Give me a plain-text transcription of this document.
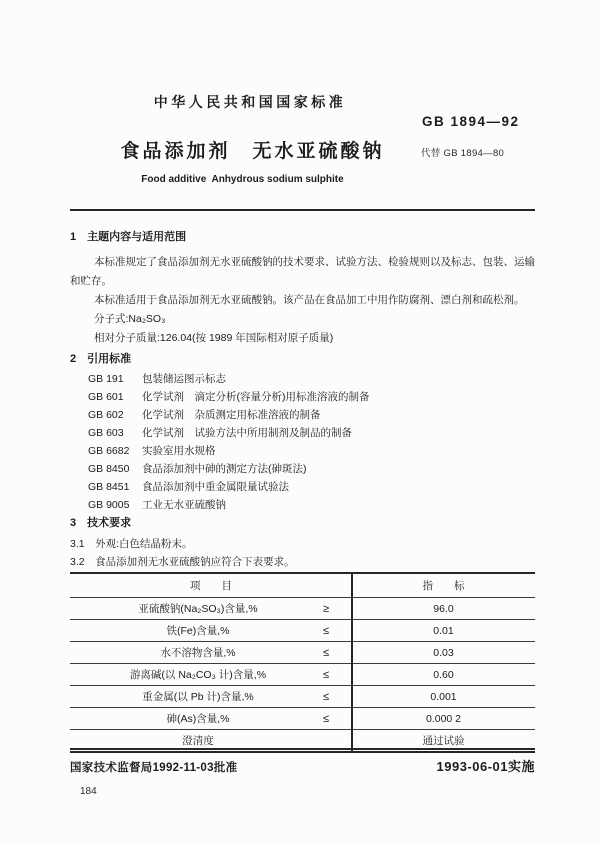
中华人民共和国国家标准
GB 1894—92
食品添加剂　无水亚硫酸钠	代替 GB 1894—80
Food additive  Anhydrous sodium sulphite
1　主题内容与适用范围

本标准规定了食品添加剂无水亚硫酸钠的技术要求、试验方法、检验规则以及标志、包装、运输和贮存。

本标准适用于食品添加剂无水亚硫酸钠。该产品在食品加工中用作防腐剂、漂白剂和疏松剂。

分子式:Na₂SO₃
相对分子质量:126.04(按 1989 年国际相对原子质量)
2　引用标准
GB 191	包装储运图示标志
GB 601	化学试剂　滴定分析(容量分析)用标准溶液的制备
GB 602	化学试剂　杂质测定用标准溶液的制备
GB 603	化学试剂　试验方法中所用制剂及制品的制备
GB 6682	实验室用水规格
GB 8450	食品添加剂中砷的测定方法(砷斑法)
GB 8451	食品添加剂中重金属限量试验法
GB 9005	工业无水亚硫酸钠
3　技术要求
3.1　外观:白色结晶粉末。
3.2　食品添加剂无水亚硫酸钠应符合下表要求。
项　　目	指　　标
亚硫酸钠(Na₂SO₃)含量,%	≥	96.0
铁(Fe)含量,%	≤	0.01
水不溶物含量,%	≤	0.03
游离碱(以 Na₂CO₃ 计)含量,%	≤	0.60
重金属(以 Pb 计)含量,%	≤	0.001
砷(As)含量,%	≤	0.000 2
澄清度	通过试验
国家技术监督局1992-11-03批准	1993-06-01实施
184
